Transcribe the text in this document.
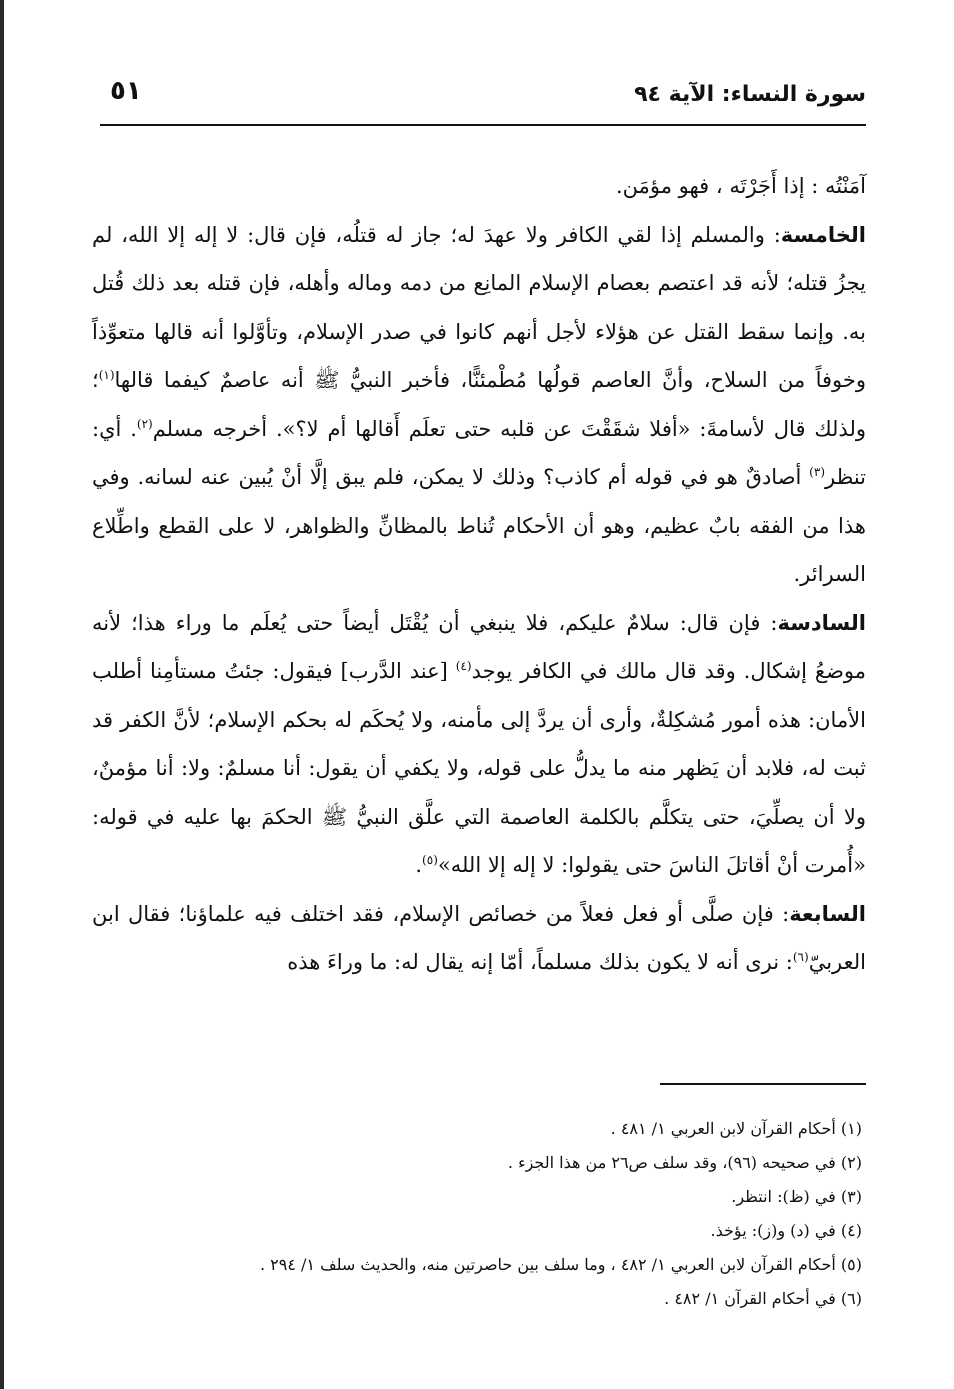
سورة النساء: الآية ٩٤
٥١

آمَنْتُه : إذا أَجَرْتَه ، فهو مؤمَن.

الخامسة: والمسلم إذا لقي الكافر ولا عهدَ له؛ جاز له قتلُه، فإن قال: لا إله إلا الله، لم يجزُ قتله؛ لأنه قد اعتصم بعصام الإسلام المانِع من دمه وماله وأهله، فإن قتله بعد ذلك قُتل به. وإنما سقط القتل عن هؤلاء لأجل أنهم كانوا في صدر الإسلام، وتأوَّلوا أنه قالها متعوِّذاً وخوفاً من السلاح، وأنَّ العاصم قولُها مُطْمئنًّا، فأخبر النبيُّ ﷺ أنه عاصمٌ كيفما قالها$^{(١)}$؛ ولذلك قال لأسامةَ: «أفلا شقَقْتَ عن قلبه حتى تعلَم أَقالها أم لا؟». أخرجه مسلم$^{(٢)}$. أي: تنظر$^{(٣)}$ أصادقٌ هو في قوله أم كاذب؟ وذلك لا يمكن، فلم يبق إلَّا أنْ يُبين عنه لسانه. وفي هذا من الفقه بابٌ عظيم، وهو أن الأحكام تُناط بالمظانِّ والظواهر، لا على القطع واطِّلاع السرائر.

السادسة: فإن قال: سلامٌ عليكم، فلا ينبغي أن يُقْتَل أيضاً حتى يُعلَم ما وراء هذا؛ لأنه موضعُ إشكال. وقد قال مالك في الكافر يوجد$^{(٤)}$ [عند الدَّرب] فيقول: جئتُ مستأمِنا أطلب الأمان: هذه أمور مُشكِلةٌ، وأرى أن يردَّ إلى مأمنه، ولا يُحكَم له بحكم الإسلام؛ لأنَّ الكفر قد ثبت له، فلابد أن يَظهر منه ما يدلُّ على قوله، ولا يكفي أن يقول: أنا مسلمٌ: ولا: أنا مؤمنٌ، ولا أن يصلِّيَ، حتى يتكلَّم بالكلمة العاصمة التي علَّق النبيُّ ﷺ الحكمَ بها عليه في قوله: «أُمرت أنْ أقاتلَ الناسَ حتى يقولوا: لا إله إلا الله»$^{(٥)}$.

السابعة: فإن صلَّى أو فعل فعلاً من خصائص الإسلام، فقد اختلف فيه علماؤنا؛ فقال ابن العربيّ$^{(٦)}$: نرى أنه لا يكون بذلك مسلماً، أمّا إنه يقال له: ما وراءَ هذه

(١) أحكام القرآن لابن العربي ١/ ٤٨١ .

(٢) في صحيحه (٩٦)، وقد سلف ص٢٦ من هذا الجزء .

(٣) في (ظ): انتظر.

(٤) في (د) و(ز): يؤخذ.

(٥) أحكام القرآن لابن العربي ١/ ٤٨٢ ، وما سلف بين حاصرتين منه، والحديث سلف ١/ ٢٩٤ .

(٦) في أحكام القرآن ١/ ٤٨٢ .
